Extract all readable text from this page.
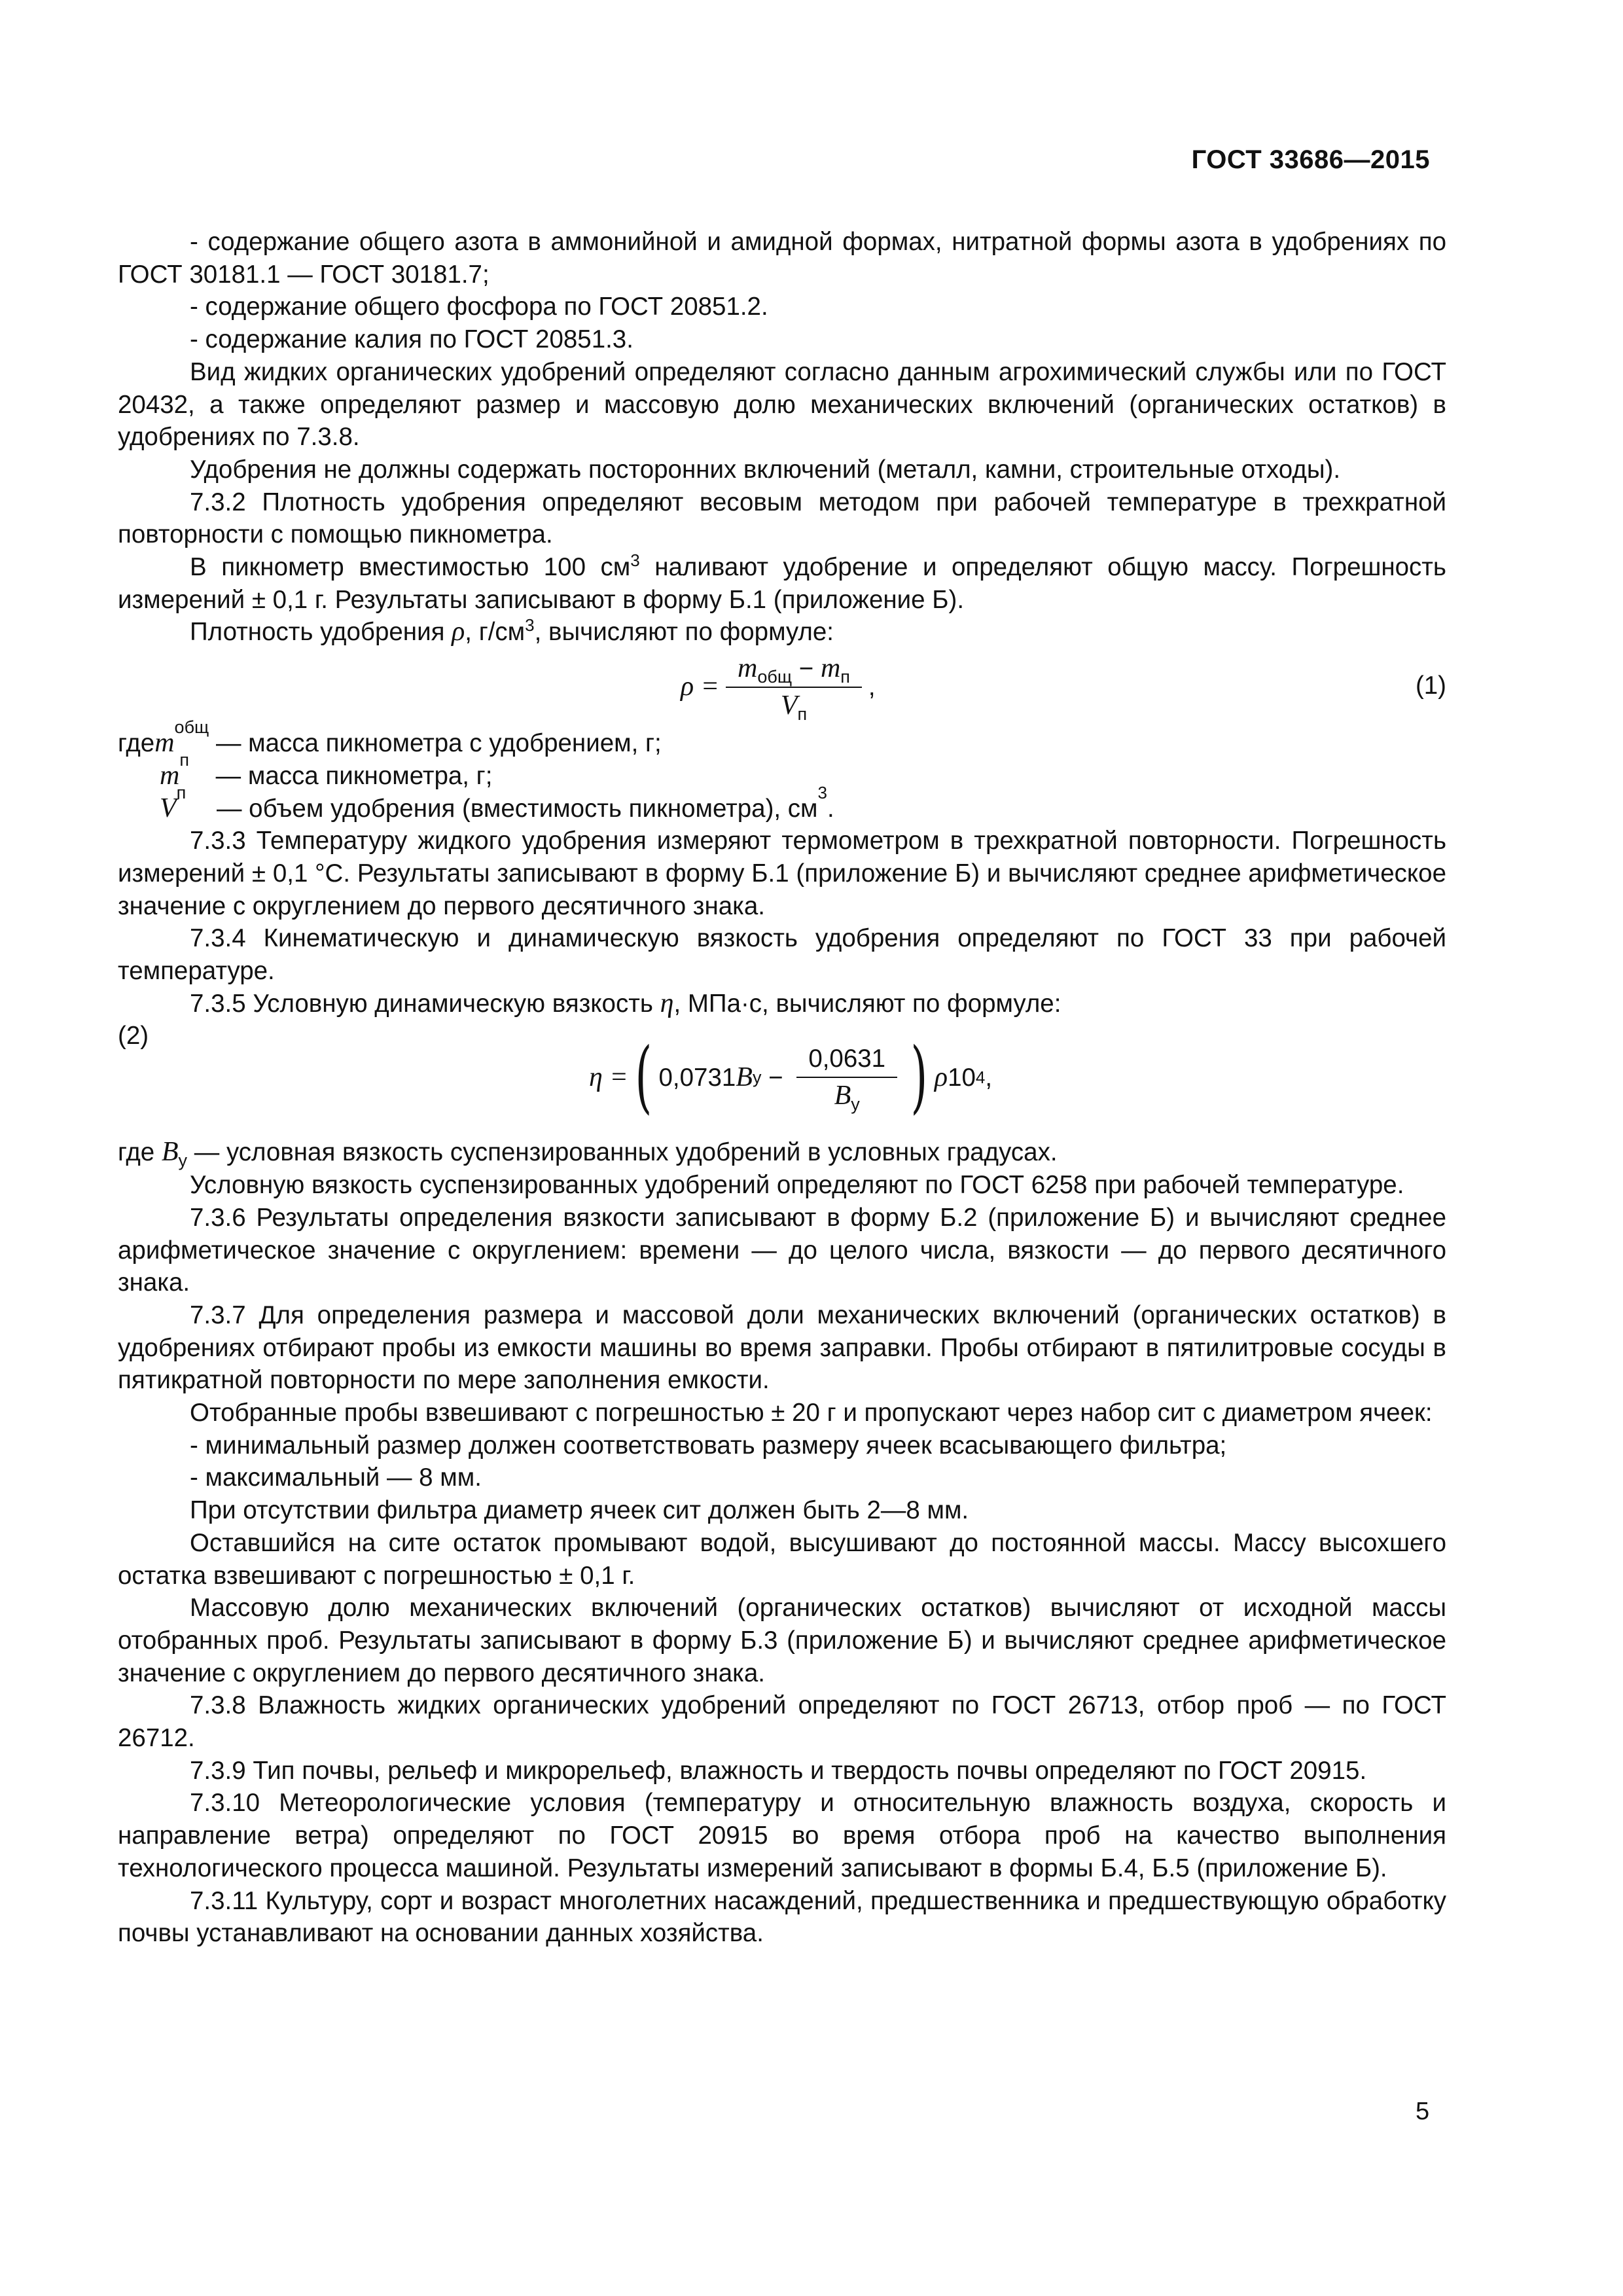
ГОСТ 33686—2015

- содержание общего азота в аммонийной и амидной формах, нитратной формы азота в удобрениях по ГОСТ 30181.1 — ГОСТ 30181.7;

- содержание общего фосфора по ГОСТ 20851.2.

- содержание калия по ГОСТ 20851.3.

Вид жидких органических удобрений определяют согласно данным агрохимический службы или по ГОСТ 20432, а также определяют размер и массовую долю механических включений (органических остатков) в удобрениях по 7.3.8.

Удобрения не должны содержать посторонних включений (металл, камни, строительные отходы).

7.3.2 Плотность удобрения определяют весовым методом при рабочей температуре в трехкратной повторности с помощью пикнометра.

В пикнометр вместимостью 100 $см^3$ наливают удобрение и определяют общую массу. Погрешность измерений ± 0,1 г. Результаты записывают в форму Б.1 (приложение Б).

Плотность удобрения ρ, $г/см^3$, вычисляют по формуле:

$\rho = \frac{m_{общ} - m_п}{V_п}$ ,	(1)
где m
общ
— масса пикнометра с удобрением, г;
m
п
— масса пикнометра, г;
V
п
— объем удобрения (вместимость пикнометра), см
3
.

7.3.3 Температуру жидкого удобрения измеряют термометром в трехкратной повторности. Погрешность измерений ± 0,1 °С. Результаты записывают в форму Б.1 (приложение Б) и вычисляют среднее арифметическое значение с округлением до первого десятичного знака.

7.3.4 Кинематическую и динамическую вязкость удобрения определяют по ГОСТ 33 при рабочей температуре.

7.3.5 Условную динамическую вязкость η, МПа·с, вычисляют по формуле:

η = ( 0,0731 B $у - \frac{0,0631}{B_у}$ ) ρ 10 4 ,
(2)

где $B_у$ — условная вязкость суспензированных удобрений в условных градусах.

Условную вязкость суспензированных удобрений определяют по ГОСТ 6258 при рабочей температуре.

7.3.6 Результаты определения вязкости записывают в форму Б.2 (приложение Б) и вычисляют среднее арифметическое значение с округлением: времени — до целого числа, вязкости — до первого десятичного знака.

7.3.7 Для определения размера и массовой доли механических включений (органических остатков) в удобрениях отбирают пробы из емкости машины во время заправки. Пробы отбирают в пятилитровые сосуды в пятикратной повторности по мере заполнения емкости.

Отобранные пробы взвешивают с погрешностью ± 20 г и пропускают через набор сит с диаметром ячеек:

- минимальный размер должен соответствовать размеру ячеек всасывающего фильтра;

- максимальный — 8 мм.

При отсутствии фильтра диаметр ячеек сит должен быть 2—8 мм.

Оставшийся на сите остаток промывают водой, высушивают до постоянной массы. Массу высохшего остатка взвешивают с погрешностью ± 0,1 г.

Массовую долю механических включений (органических остатков) вычисляют от исходной массы отобранных проб. Результаты записывают в форму Б.3 (приложение Б) и вычисляют среднее арифметическое значение с округлением до первого десятичного знака.

7.3.8 Влажность жидких органических удобрений определяют по ГОСТ 26713, отбор проб — по ГОСТ 26712.

7.3.9 Тип почвы, рельеф и микрорельеф, влажность и твердость почвы определяют по ГОСТ 20915.

7.3.10 Метеорологические условия (температуру и относительную влажность воздуха, скорость и направление ветра) определяют по ГОСТ 20915 во время отбора проб на качество выполнения технологического процесса машиной. Результаты измерений записывают в формы Б.4, Б.5 (приложение Б).

7.3.11 Культуру, сорт и возраст многолетних насаждений, предшественника и предшествующую обработку почвы устанавливают на основании данных хозяйства.

5
